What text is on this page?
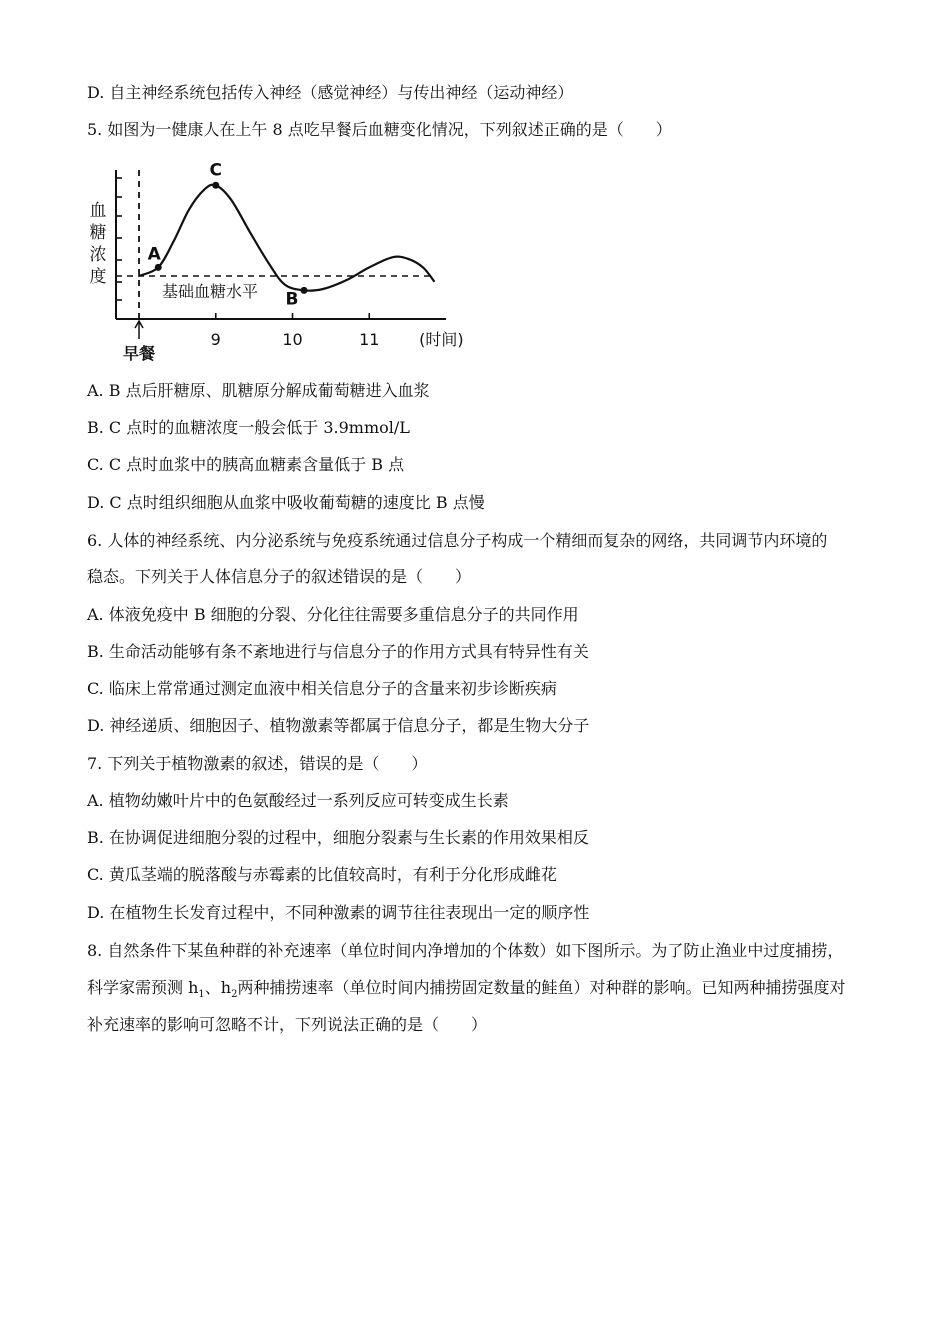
D. 自主神经系统包括传入神经（感觉神经）与传出神经（运动神经）
5. 如图为一健康人在上午 8 点吃早餐后血糖变化情况，下列叙述正确的是（　　）
血
糖
浓
度
9	10	11
早餐
基础血糖水平
A
C
B
(时间)
A. B 点后肝糖原、肌糖原分解成葡萄糖进入血浆
B. C 点时的血糖浓度一般会低于 3.9mmol/L
C. C 点时血浆中的胰高血糖素含量低于 B 点
D. C 点时组织细胞从血浆中吸收葡萄糖的速度比 B 点慢
6. 人体的神经系统、内分泌系统与免疫系统通过信息分子构成一个精细而复杂的网络，共同调节内环境的
稳态。下列关于人体信息分子的叙述错误的是（　　）
A. 体液免疫中 B 细胞的分裂、分化往往需要多重信息分子的共同作用
B. 生命活动能够有条不紊地进行与信息分子的作用方式具有特异性有关
C. 临床上常常通过测定血液中相关信息分子的含量来初步诊断疾病
D. 神经递质、细胞因子、植物激素等都属于信息分子，都是生物大分子
7. 下列关于植物激素的叙述，错误的是（　　）
A. 植物幼嫩叶片中的色氨酸经过一系列反应可转变成生长素
B. 在协调促进细胞分裂的过程中，细胞分裂素与生长素的作用效果相反
C. 黄瓜茎端的脱落酸与赤霉素的比值较高时，有利于分化形成雌花
D. 在植物生长发育过程中，不同种激素的调节往往表现出一定的顺序性
8. 自然条件下某鱼种群的补充速率（单位时间内净增加的个体数）如下图所示。为了防止渔业中过度捕捞，
科学家需预测 $h_1$、$h_2$两种捕捞速率（单位时间内捕捞固定数量的鲑鱼）对种群的影响。已知两种捕捞强度对
补充速率的影响可忽略不计，下列说法正确的是（　　）
